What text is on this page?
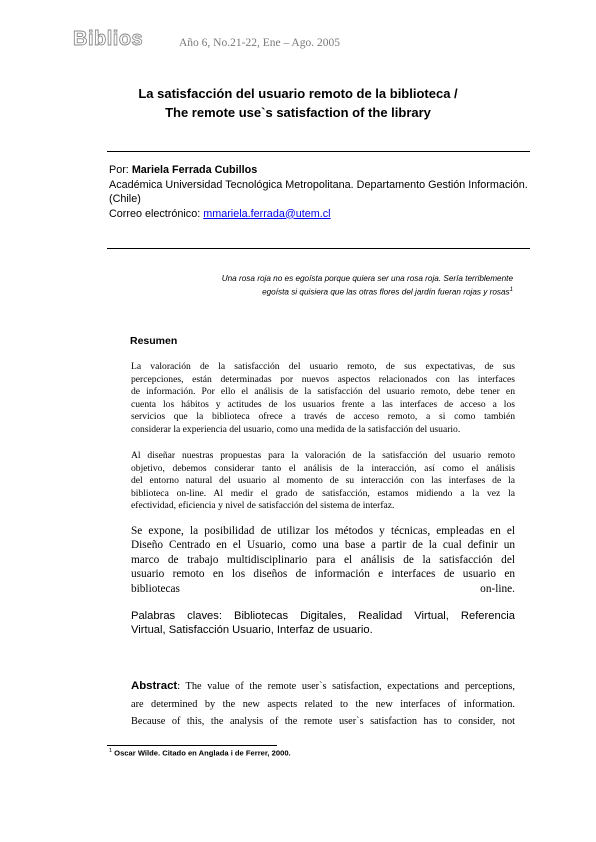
Biblios	Año 6, No.21-22, Ene – Ago. 2005
La satisfacción del usuario remoto de la biblioteca /
The remote use`s satisfaction of the library
Por: Mariela Ferrada Cubillos
Académica Universidad Tecnológica Metropolitana. Departamento Gestión Información.
(Chile)
Correo electrónico: mmariela.ferrada@utem.cl
Una rosa roja no es egoísta porque quiera ser una rosa roja. Sería terriblemente
egoísta si quisiera que las otras flores del jardín fueran rojas y rosas$^1$
Resumen
La valoración de la satisfacción del usuario remoto, de sus expectativas, de sus
percepciones, están determinadas por nuevos aspectos relacionados con las interfaces
de información. Por ello el análisis de la satisfacción del usuario remoto, debe tener en
cuenta los hábitos y actitudes de los usuarios frente a las interfaces de acceso a los
servicios que la biblioteca ofrece a través de acceso remoto, a si como también
considerar la experiencia del usuario, como una medida de la satisfacción del usuario.
Al diseñar nuestras propuestas para la valoración de la satisfacción del usuario remoto
objetivo, debemos considerar tanto el análisis de la interacción, así como el análisis
del entorno natural del usuario al momento de su interacción con las interfases de la
biblioteca on-line. Al medir el grado de satisfacción, estamos midiendo a la vez la
efectividad, eficiencia y nivel de satisfacción del sistema de interfaz.
Se expone, la posibilidad de utilizar los métodos y técnicas, empleadas en el
Diseño Centrado en el Usuario, como una base a partir de la cual definir un
marco de trabajo multidisciplinario para el análisis de la satisfacción del
usuario remoto en los diseños de información e interfaces de usuario en
bibliotecas on-line.
Palabras claves: Bibliotecas Digitales, Realidad Virtual, Referencia
Virtual, Satisfacción Usuario, Interfaz de usuario.
Abstract: The value of the remote user`s satisfaction, expectations and perceptions,
are determined by the new aspects related to the new interfaces of information.
Because of this, the analysis of the remote user`s satisfaction has to consider, not
$^1$ Oscar Wilde. Citado en Anglada i de Ferrer, 2000.
